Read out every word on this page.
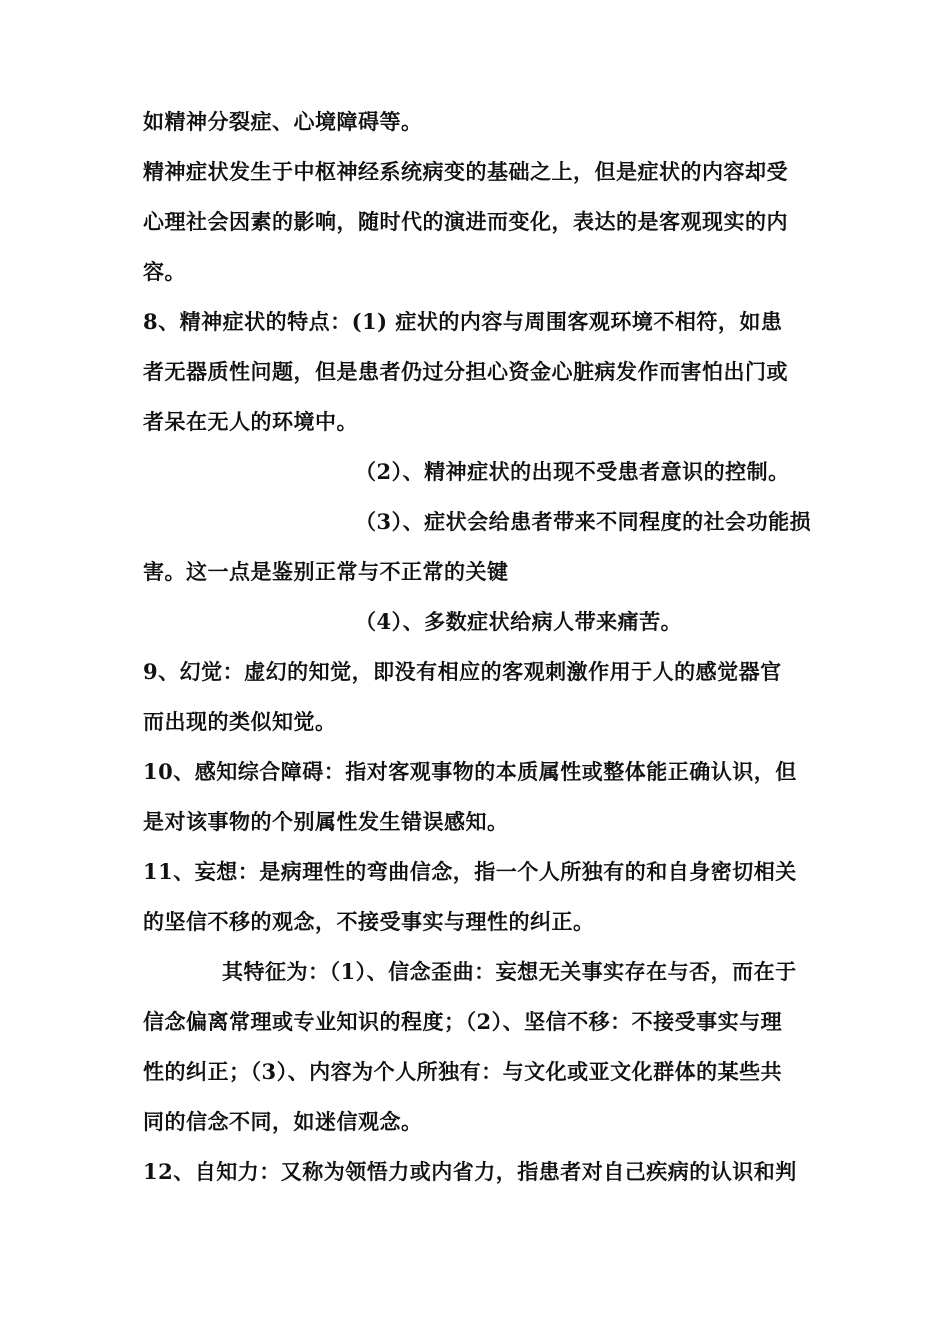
如精神分裂症、心境障碍等。
精神症状发生于中枢神经系统病变的基础之上，但是症状的内容却受
心理社会因素的影响，随时代的演进而变化，表达的是客观现实的内
容。
8、精神症状的特点：(1) 症状的内容与周围客观环境不相符，如患
者无器质性问题，但是患者仍过分担心资金心脏病发作而害怕出门或
者呆在无人的环境中。
（2）、精神症状的出现不受患者意识的控制。
（3）、症状会给患者带来不同程度的社会功能损
害。这一点是鉴别正常与不正常的关键
（4）、多数症状给病人带来痛苦。
9、幻觉：虚幻的知觉，即没有相应的客观刺激作用于人的感觉器官
而出现的类似知觉。
10、感知综合障碍：指对客观事物的本质属性或整体能正确认识，但
是对该事物的个别属性发生错误感知。
11、妄想：是病理性的弯曲信念，指一个人所独有的和自身密切相关
的坚信不移的观念，不接受事实与理性的纠正。
其特征为：（1）、信念歪曲：妄想无关事实存在与否，而在于
信念偏离常理或专业知识的程度；（2）、坚信不移：不接受事实与理
性的纠正；（3）、内容为个人所独有：与文化或亚文化群体的某些共
同的信念不同，如迷信观念。
12、自知力：又称为领悟力或内省力，指患者对自己疾病的认识和判
